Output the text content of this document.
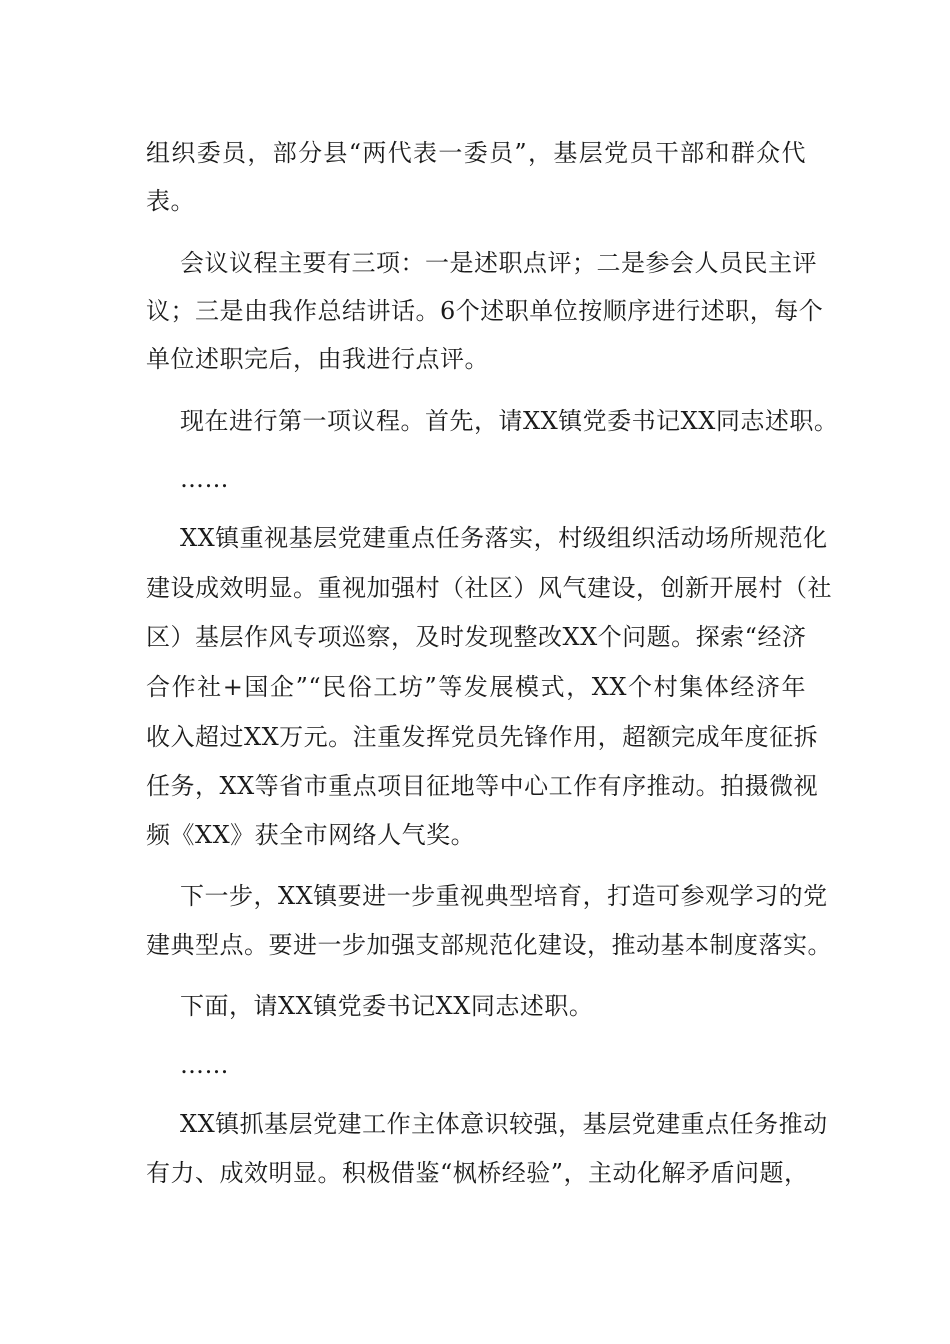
组织委员，部分县“两代表一委员”，基层党员干部和群众代
表。
会议议程主要有三项：一是述职点评；二是参会人员民主评
议；三是由我作总结讲话。6个述职单位按顺序进行述职，每个
单位述职完后，由我进行点评。
现在进行第一项议程。首先，请XX镇党委书记XX同志述职。
……
XX镇重视基层党建重点任务落实，村级组织活动场所规范化
建设成效明显。重视加强村（社区）风气建设，创新开展村（社
区）基层作风专项巡察，及时发现整改XX个问题。探索“经济
合作社+国企”“民俗工坊”等发展模式，XX个村集体经济年
收入超过XX万元。注重发挥党员先锋作用，超额完成年度征拆
任务，XX等省市重点项目征地等中心工作有序推动。拍摄微视
频《XX》获全市网络人气奖。
下一步，XX镇要进一步重视典型培育，打造可参观学习的党
建典型点。要进一步加强支部规范化建设，推动基本制度落实。
下面，请XX镇党委书记XX同志述职。
……
XX镇抓基层党建工作主体意识较强，基层党建重点任务推动
有力、成效明显。积极借鉴“枫桥经验”，主动化解矛盾问题，
